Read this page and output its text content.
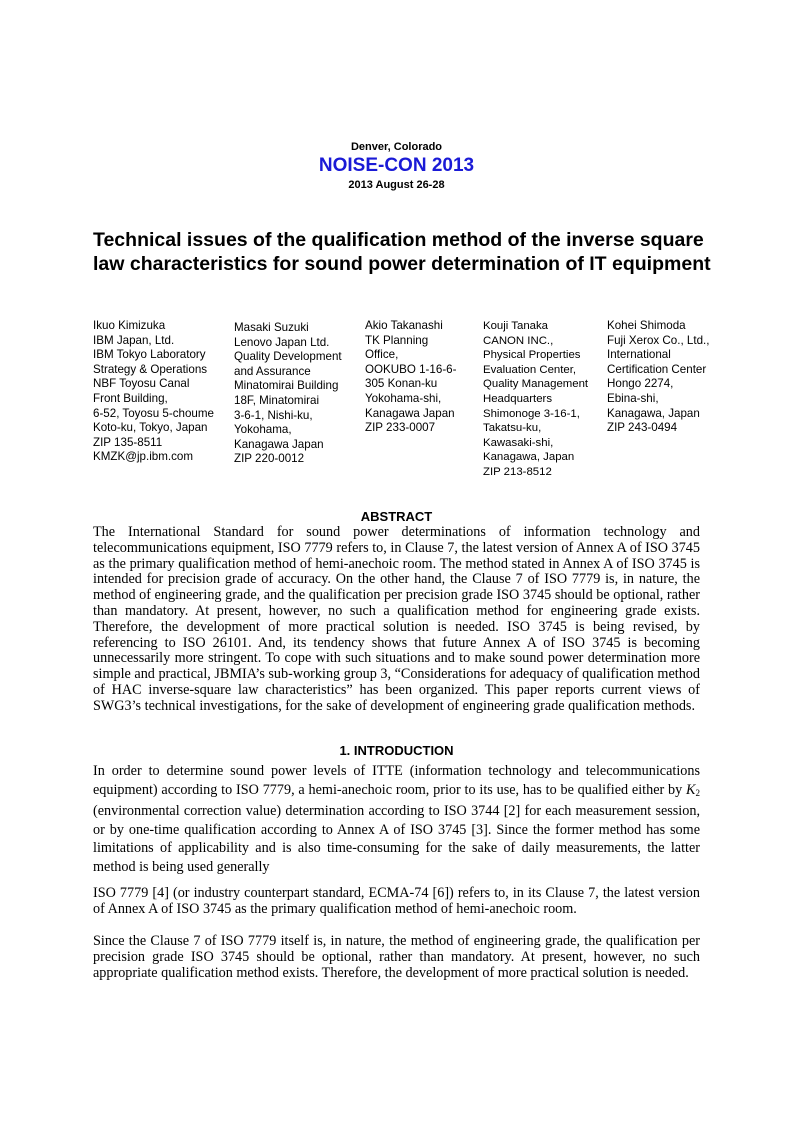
Denver, Colorado
NOISE-CON 2013
2013 August 26-28
Technical issues of the qualification method of the inverse square law characteristics for sound power determination of IT equipment
Ikuo Kimizuka
IBM Japan, Ltd.
IBM Tokyo Laboratory
Strategy & Operations
NBF Toyosu Canal
Front Building,
6-52, Toyosu 5-choume
Koto-ku, Tokyo, Japan
ZIP 135-8511
KMZK@jp.ibm.com
Masaki Suzuki
Lenovo Japan Ltd.
Quality Development
and Assurance
Minatomirai Building
18F, Minatomirai
3-6-1, Nishi-ku,
Yokohama,
Kanagawa Japan
ZIP 220-0012
Akio Takanashi
TK Planning
Office,
OOKUBO 1-16-6-
305 Konan-ku
Yokohama-shi,
Kanagawa Japan
ZIP 233-0007
Kouji Tanaka
CANON INC.,
Physical Properties
Evaluation Center,
Quality Management
Headquarters
Shimonoge 3-16-1,
Takatsu-ku,
Kawasaki-shi,
Kanagawa, Japan
ZIP 213-8512
Kohei Shimoda
Fuji Xerox Co., Ltd.,
International
Certification Center
Hongo 2274,
Ebina-shi,
Kanagawa, Japan
ZIP 243-0494
ABSTRACT
The International Standard for sound power determinations of information technology and telecommunications equipment, ISO 7779 refers to, in Clause 7, the latest version of Annex A of ISO 3745 as the primary qualification method of hemi-anechoic room. The method stated in Annex A of ISO 3745 is intended for precision grade of accuracy. On the other hand, the Clause 7 of ISO 7779 is, in nature, the method of engineering grade, and the qualification per precision grade ISO 3745 should be optional, rather than mandatory. At present, however, no such a qualification method for engineering grade exists. Therefore, the development of more practical solution is needed. ISO 3745 is being revised, by referencing to ISO 26101. And, its tendency shows that future Annex A of ISO 3745 is becoming unnecessarily more stringent. To cope with such situations and to make sound power determination more simple and practical, JBMIA’s sub-working group 3, “Considerations for adequacy of qualification method of HAC inverse-square law characteristics” has been organized. This paper reports current views of SWG3’s technical investigations, for the sake of development of engineering grade qualification methods.
1. INTRODUCTION
In order to determine sound power levels of ITTE (information technology and telecommunications equipment) according to ISO 7779, a hemi-anechoic room, prior to its use, has to be qualified either by $K_2$ (environmental correction value) determination according to ISO 3744 [2] for each measurement session, or by one-time qualification according to Annex A of ISO 3745 [3]. Since the former method has some limitations of applicability and is also time-consuming for the sake of daily measurements, the latter method is being used generally
ISO 7779 [4] (or industry counterpart standard, ECMA-74 [6]) refers to, in its Clause 7, the latest version of Annex A of ISO 3745 as the primary qualification method of hemi-anechoic room.
Since the Clause 7 of ISO 7779 itself is, in nature, the method of engineering grade, the qualification per precision grade ISO 3745 should be optional, rather than mandatory. At present, however, no such appropriate qualification method exists. Therefore, the development of more practical solution is needed.
